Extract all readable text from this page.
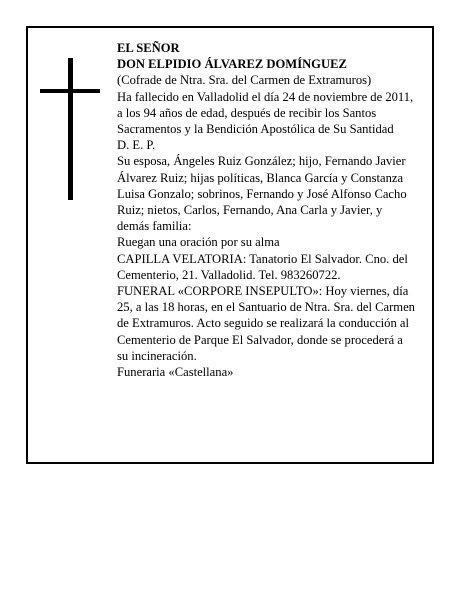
EL SEÑOR

DON ELPIDIO ÁLVAREZ DOMÍNGUEZ

(Cofrade de Ntra. Sra. del Carmen de Extramuros)

Ha fallecido en Valladolid el día 24 de noviembre de 2011, a los 94 años de edad, después de recibir los Santos Sacramentos y la Bendición Apostólica de Su Santidad

D. E. P.

Su esposa, Ángeles Ruiz González; hijo, Fernando Javier Álvarez Ruiz; hijas políticas, Blanca García y Constanza Luisa Gonzalo; sobrinos, Fernando y José Alfonso Cacho Ruiz; nietos, Carlos, Fernando, Ana Carla y Javier, y demás familia:

Ruegan una oración por su alma

CAPILLA VELATORIA: Tanatorio El Salvador. Cno. del Cementerio, 21. Valladolid. Tel. 983260722.

FUNERAL «CORPORE INSEPULTO»: Hoy viernes, día 25, a las 18 horas, en el Santuario de Ntra. Sra. del Carmen de Extramuros. Acto seguido se realizará la conducción al Cementerio de Parque El Salvador, donde se procederá a su incineración.

Funeraria «Castellana»
